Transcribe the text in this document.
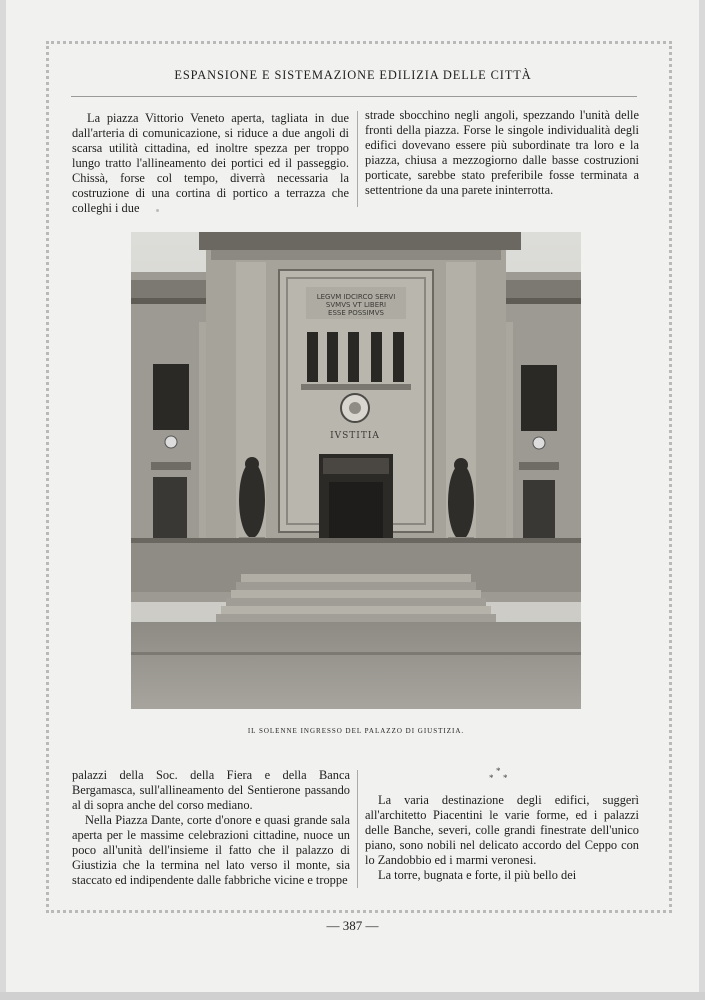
ESPANSIONE E SISTEMAZIONE EDILIZIA DELLE CITTÀ

La piazza Vittorio Veneto aperta, tagliata in due dall'arteria di comunicazione, si riduce a due angoli di scarsa utilità cittadina, ed inoltre spezza per troppo lungo tratto l'allineamento dei portici ed il passeggio. Chissà, forse col tempo, diverrà necessaria la costruzione di una cortina di portico a terrazza che colleghi i due

strade sbocchino negli angoli, spezzando l'unità delle fronti della piazza. Forse le singole individualità degli edifici dovevano essere più subordinate tra loro e la piazza, chiusa a mezzogiorno dalle basse costruzioni porticate, sarebbe stato preferibile fosse terminata a settentrione da una parete ininterrotta.

LEGVM IDCIRCO SERVI
SVMVS VT LIBERI
ESSE POSSIMVS
IVSTITIA

IL SOLENNE INGRESSO DEL PALAZZO DI GIUSTIZIA.

palazzi della Soc. della Fiera e della Banca Bergamasca, sull'allineamento del Sentierone passando al di sopra anche del corso mediano.
Nella Piazza Dante, corte d'onore e quasi grande sala aperta per le massime celebrazioni cittadine, nuoce un poco all'unità dell'insieme il fatto che il palazzo di Giustizia che la termina nel lato verso il monte, sia staccato ed indipendente dalle fabbriche vicine e troppe

*
* *

La varia destinazione degli edifici, suggerì all'architetto Piacentini le varie forme, ed i palazzi delle Banche, severi, colle grandi finestrate dell'unico piano, sono nobili nel delicato accordo del Ceppo con lo Zandobbio ed i marmi veronesi.
La torre, bugnata e forte, il più bello dei

— 387 —
